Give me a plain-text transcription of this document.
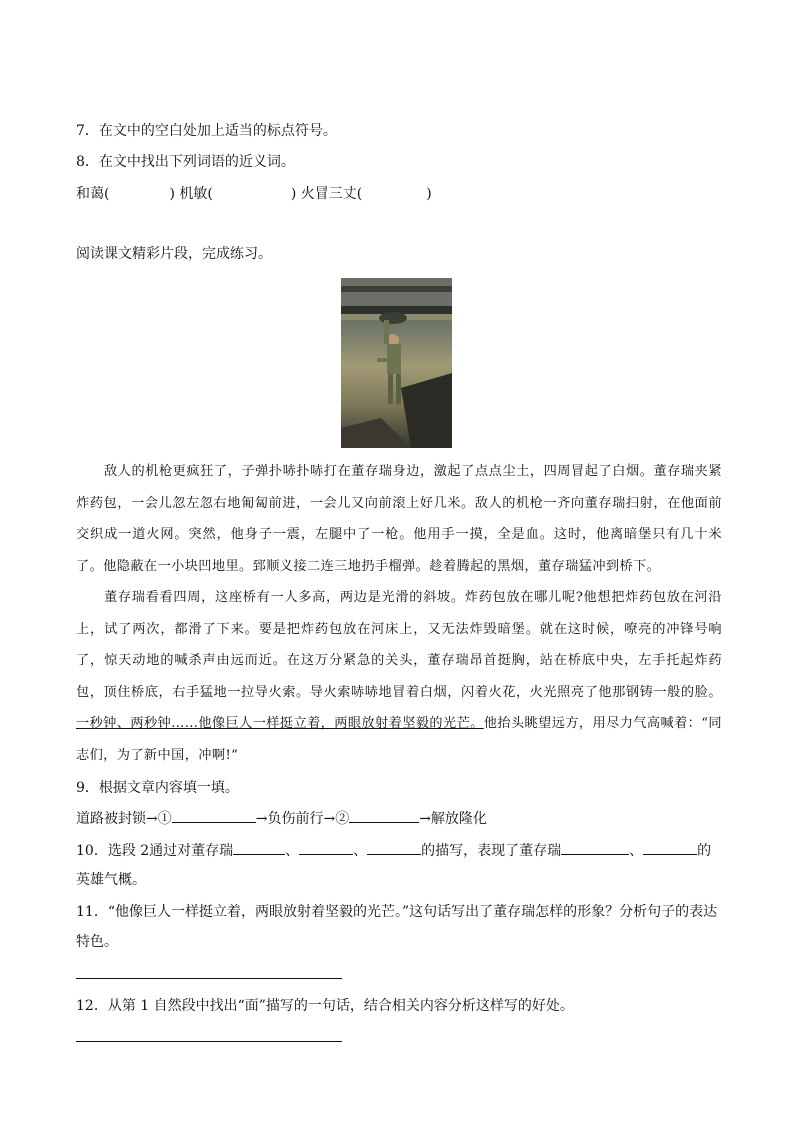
7．在文中的空白处加上适当的标点符号。
8．在文中找出下列词语的近义词。
和蔼(	) 机敏(	) 火冒三丈(	)
阅读课文精彩片段，完成练习。
敌人的机枪更疯狂了，子弹扑哧扑哧打在董存瑞身边，激起了点点尘土，四周冒起了白烟。董存瑞夹紧炸药包，一会儿忽左忽右地匍匐前进，一会儿又向前滚上好几米。敌人的机枪一齐向董存瑞扫射，在他面前交织成一道火网。突然，他身子一震，左腿中了一枪。他用手一摸，全是血。这时，他离暗堡只有几十米了。他隐蔽在一小块凹地里。郅顺义接二连三地扔手榴弹。趁着腾起的黑烟，董存瑞猛冲到桥下。
董存瑞看看四周，这座桥有一人多高，两边是光滑的斜坡。炸药包放在哪儿呢?他想把炸药包放在河沿上，试了两次，都滑了下来。要是把炸药包放在河床上，又无法炸毁暗堡。就在这时候，嘹亮的冲锋号响了，惊天动地的喊杀声由远而近。在这万分紧急的关头，董存瑞昂首挺胸，站在桥底中央，左手托起炸药包，顶住桥底，右手猛地一拉导火索。导火索哧哧地冒着白烟，闪着火花，火光照亮了他那钢铸一般的脸。一秒钟、两秒钟……他像巨人一样挺立着，两眼放射着坚毅的光芒。他抬头眺望远方，用尽力气高喊着：“同志们，为了新中国，冲啊!”
9．根据文章内容填一填。
道路被封锁→①	→负伤前行→②	→解放隆化
10．选段 2通过对董存瑞	、	、	的描写，表现了董存瑞	、	的
英雄气概。
11．“他像巨人一样挺立着，两眼放射着坚毅的光芒。”这句话写出了董存瑞怎样的形象？分析句子的表达
特色。
12．从第 1 自然段中找出“面”描写的一句话，结合相关内容分析这样写的好处。
